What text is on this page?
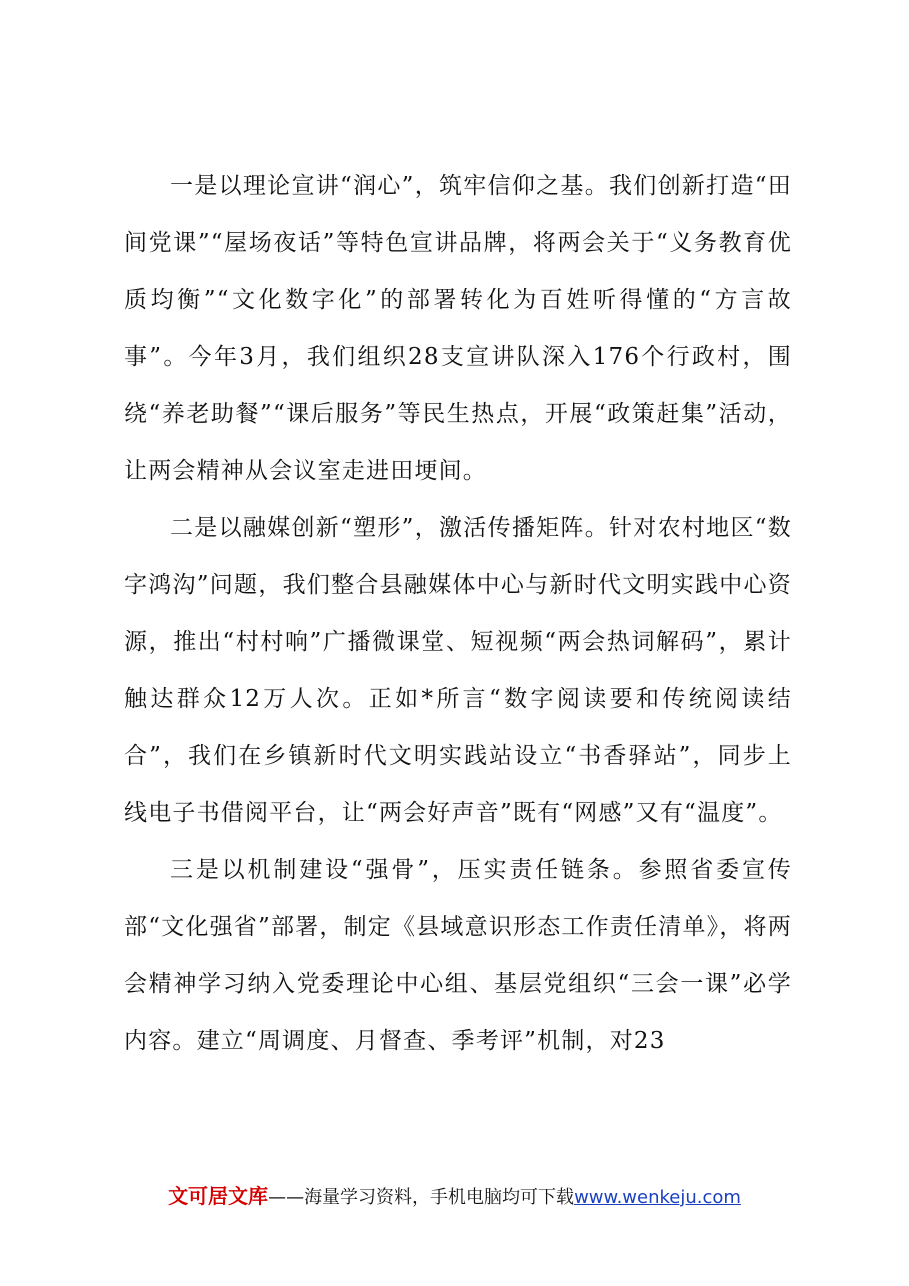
一是以理论宣讲“润心”，筑牢信仰之基。我们创新打造“田间党课”“屋场夜话”等特色宣讲品牌，将两会关于“义务教育优质均衡”“文化数字化”的部署转化为百姓听得懂的“方言故事”。今年3月，我们组织28支宣讲队深入176个行政村，围绕“养老助餐”“课后服务”等民生热点，开展“政策赶集”活动，让两会精神从会议室走进田埂间。

二是以融媒创新“塑形”，激活传播矩阵。针对农村地区“数字鸿沟”问题，我们整合县融媒体中心与新时代文明实践中心资源，推出“村村响”广播微课堂、短视频“两会热词解码”，累计触达群众12万人次。正如*所言“数字阅读要和传统阅读结合”，我们在乡镇新时代文明实践站设立“书香驿站”，同步上线电子书借阅平台，让“两会好声音”既有“网感”又有“温度”。

三是以机制建设“强骨”，压实责任链条。参照省委宣传部“文化强省”部署，制定《县域意识形态工作责任清单》，将两会精神学习纳入党委理论中心组、基层党组织“三会一课”必学内容。建立“周调度、月督查、季考评”机制，对23

文可居文库——海量学习资料，手机电脑均可下载www.wenkeju.com
